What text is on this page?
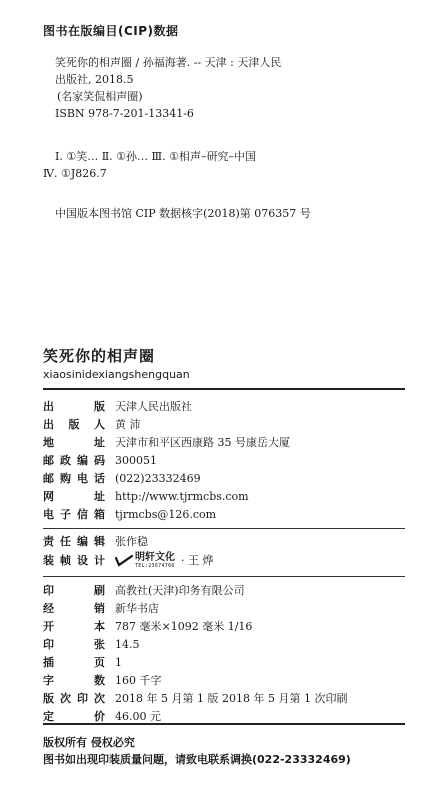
图书在版编目(CIP)数据
笑死你的相声圈 / 孙福海著. -- 天津 : 天津人民
出版社, 2018.5
(名家笑侃相声圈)
ISBN 978-7-201-13341-6
Ⅰ. ①笑… Ⅱ. ①孙… Ⅲ. ①相声–研究–中国
Ⅳ. ①J826.7
中国版本图书馆 CIP 数据核字(2018)第 076357 号
笑死你的相声圈
xiaosinidexiangshengquan
出	版 天津人民出版社
出 版 人 黄 沛
地	址 天津市和平区西康路 35 号康岳大厦
邮 政 编 码 300051
邮 购 电 话 (022)23332469
网	址 http://www.tjrmcbs.com
电 子 信 箱 tjrmcbs@126.com
责 任 编 辑 张作稳
装 帧 设 计	明轩文化
TEL:23674766 · 王 烨
印	刷 高教社(天津)印务有限公司
经	销 新华书店
开	本 787 毫米×1092 毫米 1/16
印	张 14.5
插	页 1
字	数 160 千字
版 次 印 次 2018 年 5 月第 1 版 2018 年 5 月第 1 次印刷
定	价 46.00 元
版权所有 侵权必究
图书如出现印装质量问题，请致电联系调换(022-23332469)
